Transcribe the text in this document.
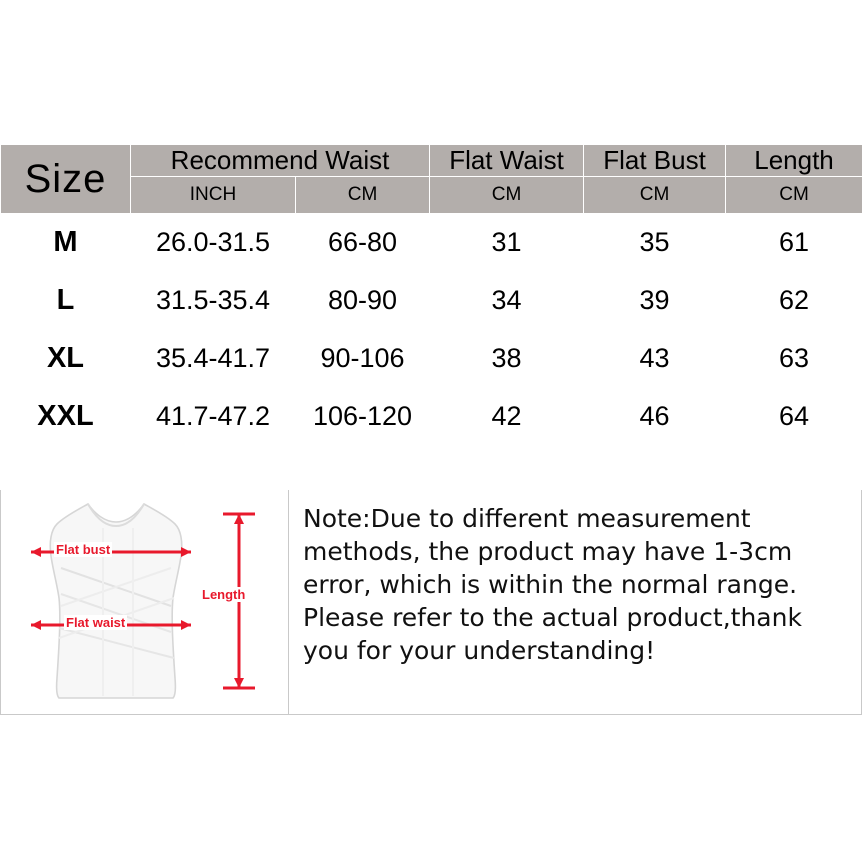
Size	Recommend Waist		Flat Waist	Flat Bust	Length
	INCH	CM	CM	CM	CM
M	26.0-31.5	66-80	31	35	61
L	31.5-35.4	80-90	34	39	62
XL	35.4-41.7	90-106	38	43	63
XXL	41.7-47.2	106-120	42	46	64
Note:Due to different measurement methods, the product may have 1-3cm error, which is within the normal range. Please refer to the actual product,thank you for your understanding!
Flat bust
Flat waist
Length
